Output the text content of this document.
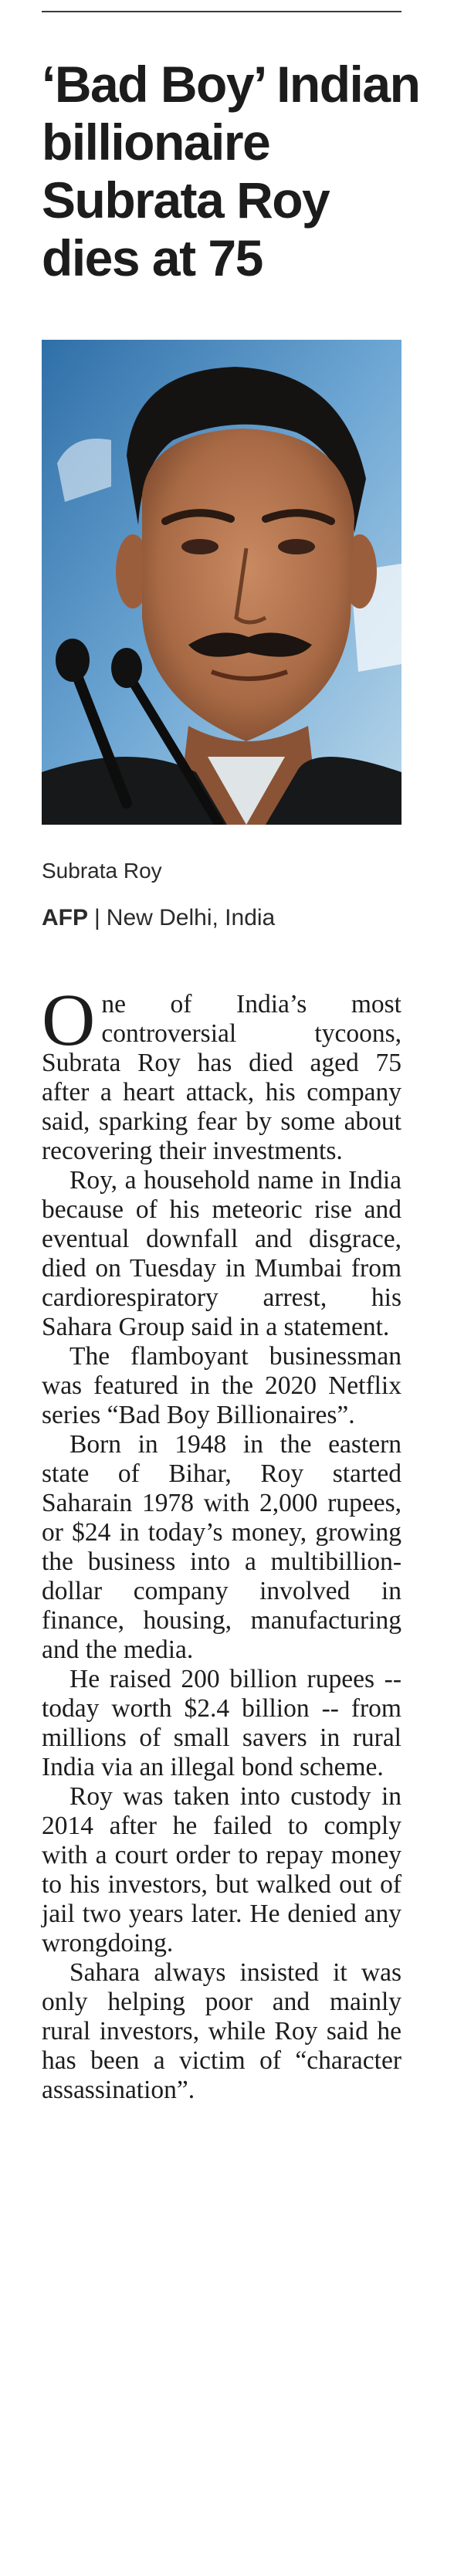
‘Bad Boy’ Indian
billionaire
Subrata Roy
dies at 75
Subrata Roy
AFP | New Delhi, India

One of India’s most controversial tycoons, Subrata Roy has died aged 75 after a heart attack, his company said, sparking fear by some about recovering their investments.

Roy, a household name in India because of his meteoric rise and eventual downfall and disgrace, died on Tuesday in Mumbai from cardiorespiratory arrest, his Sahara Group said in a statement.

The flamboyant businessman was featured in the 2020 Netflix series “Bad Boy Billionaires”.

Born in 1948 in the eastern state of Bihar, Roy started Saharain 1978 with 2,000 rupees, or $24 in today’s money, growing the business into a multibillion-dollar company involved in finance, housing, manufacturing and the media.

He raised 200 billion rupees -- today worth $2.4 billion -- from millions of small savers in rural India via an illegal bond scheme.

Roy was taken into custody in 2014 after he failed to comply with a court order to repay money to his investors, but walked out of jail two years later. He denied any wrongdoing.

Sahara always insisted it was only helping poor and mainly rural investors, while Roy said he has been a victim of “character assassination”.
